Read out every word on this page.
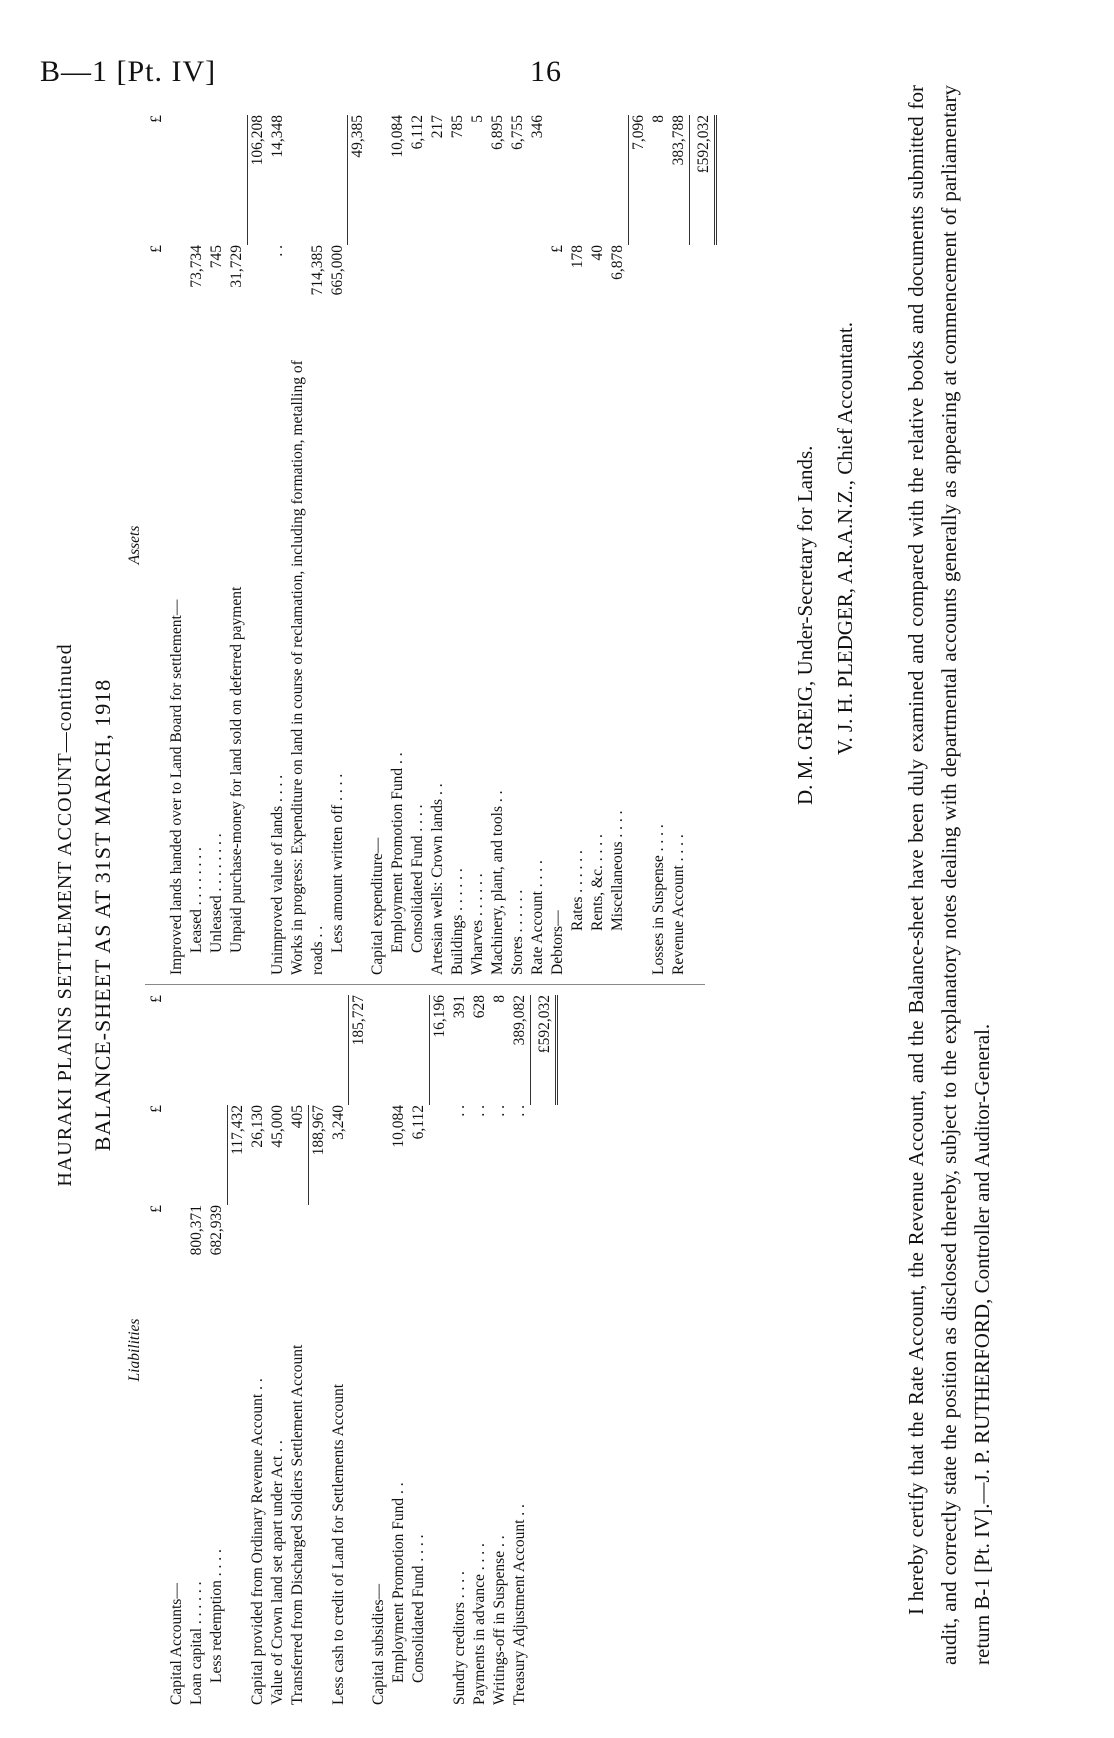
B—1 [Pt. IV]	16
HAURAKI PLAINS SETTLEMENT ACCOUNT—continued BALANCE-SHEET AS AT 31ST MARCH, 1918
Liabilities
	£	£	£
Capital Accounts—			
Loan capital . . . . . .	800,371		
Less redemption . . . .	682,939		
		117,432	
Capital provided from Ordinary Revenue Account . .		26,130	
Value of Crown land set apart under Act . .		45,000	
Transferred from Discharged Soldiers Settlement Account		405	
		188,967	
Less cash to credit of Land for Settlements Account		3,240	
			185,727
Capital subsidies—			
Employment Promotion Fund . .		10,084	
Consolidated Fund . . . .		6,112	
			16,196
Sundry creditors . . . .		. .	391
Payments in advance . . . .		. .	628
Writings-off in Suspense . .		. .	8
Treasury Adjustment Account . .		. .	389,082
			£592,032
Assets
	£	£
Improved lands handed over to Land Board for settlement—		
Leased . . . . . . . .	73,734	
Unleased . . . . . . . .	745	
Unpaid purchase-money for land sold on deferred payment	31,729	
		106,208
Unimproved value of lands . . . .	. .	14,348
Works in progress: Expenditure on land in course of reclamation, including formation, metalling of roads . .	714,385	
Less amount written off . . . .	665,000	
		49,385
Capital expenditure—		
Employment Promotion Fund . .		10,084
Consolidated Fund . . . .		6,112
Artesian wells: Crown lands . .		217
Buildings . . . . . .		785
Wharves . . . . . .		5
Machinery, plant, and tools . .		6,895
Stores . . . . . .		6,755
Rate Account . . . .		346
Debtors—	£	
Rates . . . . . .	178	
Rents, &c. . . . .	40	
Miscellaneous . . . .	6,878	
		7,096
Losses in Suspense . . . .		8
Revenue Account . . . .		383,788
		£592,032
D. M. GREIG, Under-Secretary for Lands. V. J. H. PLEDGER, A.R.A.N.Z., Chief Accountant. I hereby certify that the Rate Account, the Revenue Account, and the Balance-sheet have been duly examined and compared with the relative books and documents submitted for audit, and correctly state the position as disclosed thereby, subject to the explanatory notes dealing with departmental accounts generally as appearing at commencement of parliamentary return B-1 [Pt. IV].—J. P. RUTHERFORD, Controller and Auditor-General.
